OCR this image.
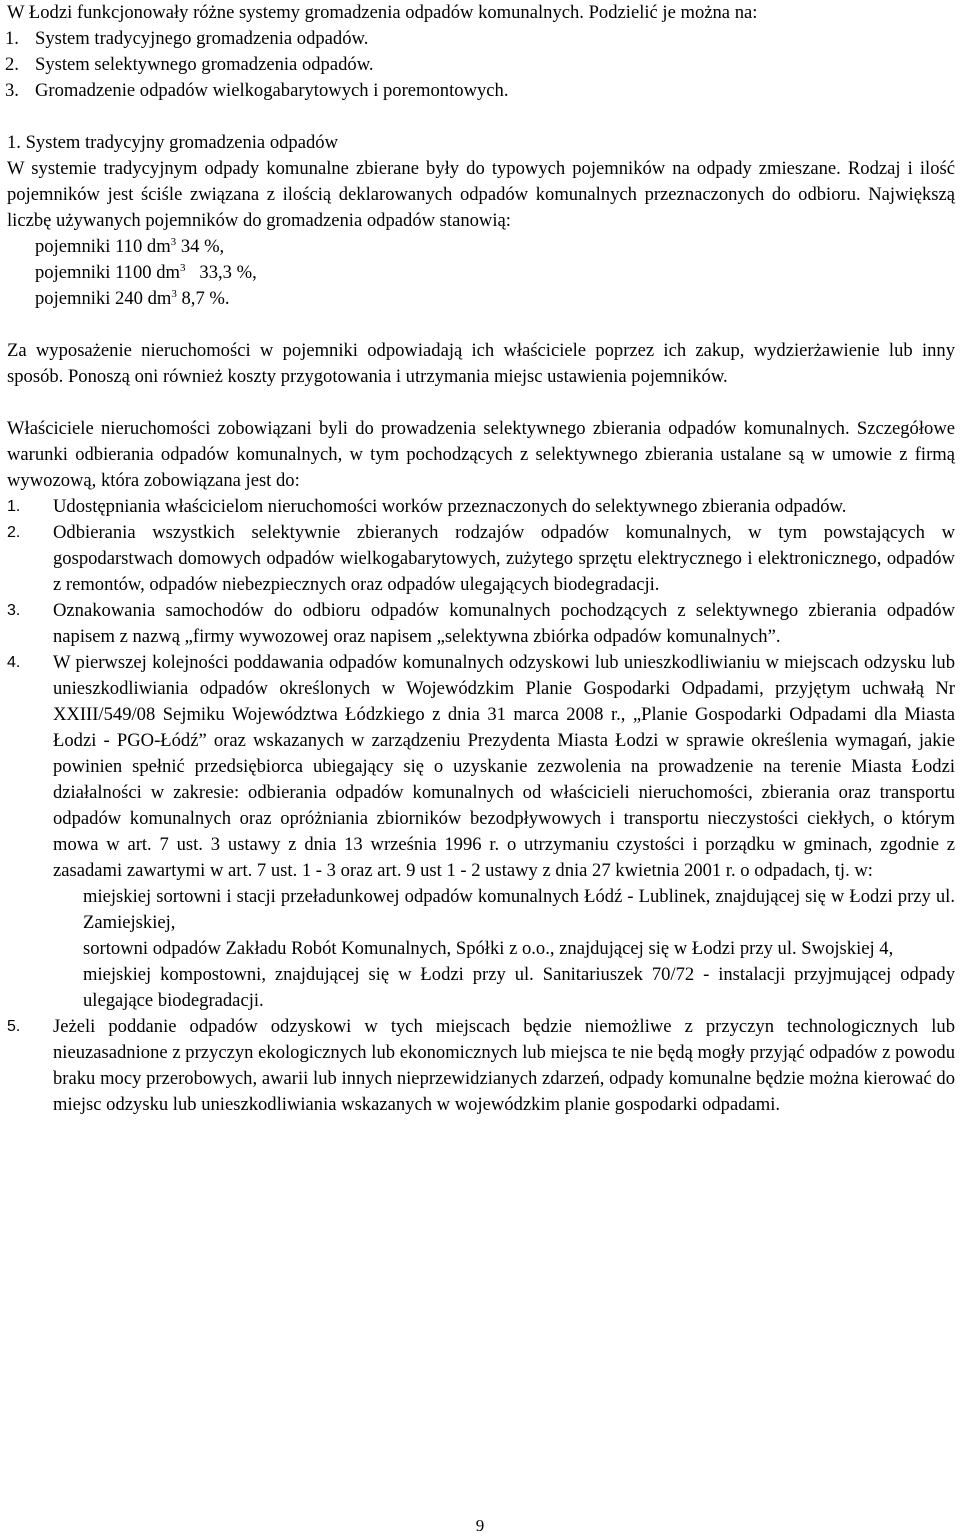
W Łodzi funkcjonowały różne systemy gromadzenia odpadów komunalnych. Podzielić je można na:

1. System tradycyjnego gromadzenia odpadów.
2. System selektywnego gromadzenia odpadów.
3. Gromadzenie odpadów wielkogabarytowych i poremontowych.

1. System tradycyjny gromadzenia odpadów

W systemie tradycyjnym odpady komunalne zbierane były do typowych pojemników na odpady zmieszane. Rodzaj i ilość pojemników jest ściśle związana z ilością deklarowanych odpadów komunalnych przeznaczonych do odbioru. Największą liczbę używanych pojemników do gromadzenia odpadów stanowią:

pojemniki 110 $dm^3$ 34 %,
pojemniki 1100 $dm^3$   33,3 %,
pojemniki 240 $dm^3$ 8,7 %.

Za wyposażenie nieruchomości w pojemniki odpowiadają ich właściciele poprzez ich zakup, wydzierżawienie lub inny sposób. Ponoszą oni również koszty przygotowania i utrzymania miejsc ustawienia pojemników.

Właściciele nieruchomości zobowiązani byli do prowadzenia selektywnego zbierania odpadów komunalnych. Szczegółowe warunki odbierania odpadów komunalnych, w tym pochodzących z selektywnego zbierania ustalane są w umowie z firmą wywozową, która zobowiązana jest do:

1. Udostępniania właścicielom nieruchomości worków przeznaczonych do selektywnego zbierania odpadów.
2. Odbierania wszystkich selektywnie zbieranych rodzajów odpadów komunalnych, w tym powstających w gospodarstwach domowych odpadów wielkogabarytowych, zużytego sprzętu elektrycznego i elektronicznego, odpadów z remontów, odpadów niebezpiecznych oraz odpadów ulegających biodegradacji.
3. Oznakowania samochodów do odbioru odpadów komunalnych pochodzących z selektywnego zbierania odpadów napisem z nazwą „firmy wywozowej oraz napisem „selektywna zbiórka odpadów komunalnych”.
4. W pierwszej kolejności poddawania odpadów komunalnych odzyskowi lub unieszkodliwianiu w miejscach odzysku lub unieszkodliwiania odpadów określonych w Wojewódzkim Planie Gospodarki Odpadami, przyjętym uchwałą Nr XXIII/549/08 Sejmiku Województwa Łódzkiego z dnia 31 marca 2008 r., „Planie Gospodarki Odpadami dla Miasta Łodzi - PGO-Łódź” oraz wskazanych w zarządzeniu Prezydenta Miasta Łodzi w sprawie określenia wymagań, jakie powinien spełnić przedsiębiorca ubiegający się o uzyskanie zezwolenia na prowadzenie na terenie Miasta Łodzi działalności w zakresie: odbierania odpadów komunalnych od właścicieli nieruchomości, zbierania oraz transportu odpadów komunalnych oraz opróżniania zbiorników bezodpływowych i transportu nieczystości ciekłych, o którym mowa w art. 7 ust. 3 ustawy z dnia 13 września 1996 r. o utrzymaniu czystości i porządku w gminach, zgodnie z zasadami zawartymi w art. 7 ust. 1 - 3 oraz art. 9 ust 1 - 2 ustawy z dnia 27 kwietnia 2001 r. o odpadach, tj. w:
miejskiej sortowni i stacji przeładunkowej odpadów komunalnych Łódź - Lublinek, znajdującej się w Łodzi przy ul. Zamiejskiej,
sortowni odpadów Zakładu Robót Komunalnych, Spółki z o.o., znajdującej się w Łodzi przy ul. Swojskiej 4,
miejskiej kompostowni, znajdującej się w Łodzi przy ul. Sanitariuszek 70/72 - instalacji przyjmującej odpady ulegające biodegradacji.
5. Jeżeli poddanie odpadów odzyskowi w tych miejscach będzie niemożliwe z przyczyn technologicznych lub nieuzasadnione z przyczyn ekologicznych lub ekonomicznych lub miejsca te nie będą mogły przyjąć odpadów z powodu braku mocy przerobowych, awarii lub innych nieprzewidzianych zdarzeń, odpady komunalne będzie można kierować do miejsc odzysku lub unieszkodliwiania wskazanych w wojewódzkim planie gospodarki odpadami.
9
